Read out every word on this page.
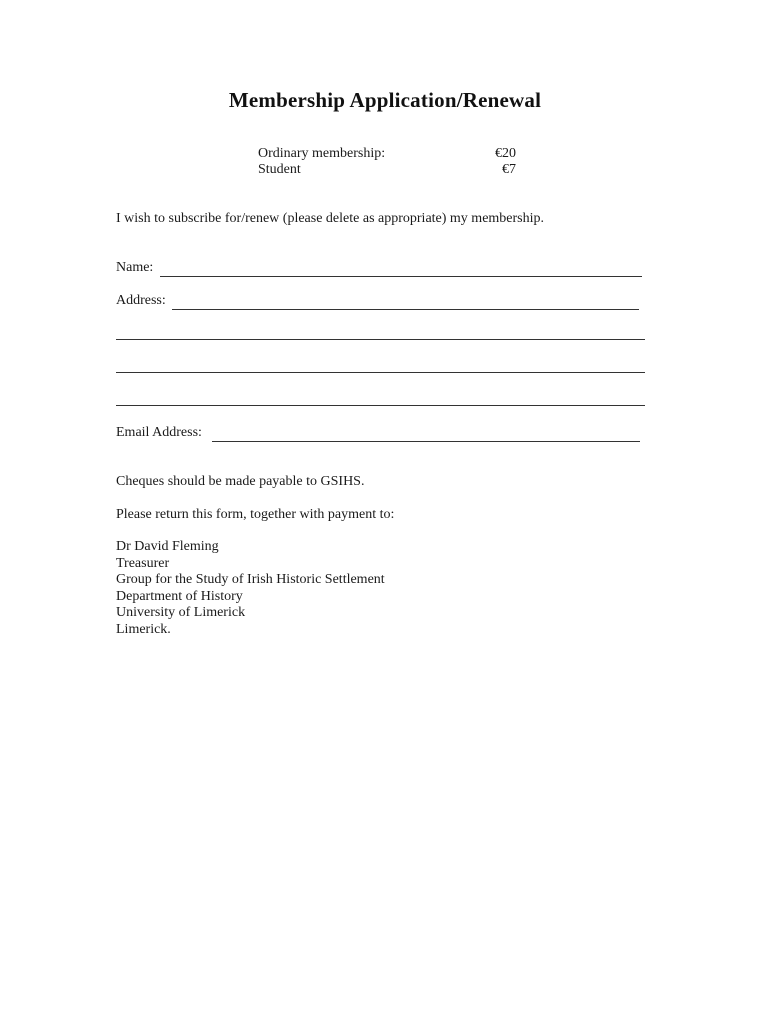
Membership Application/Renewal
Ordinary membership:	€20
Student	€7
I wish to subscribe for/renew (please delete as appropriate) my membership.
Name:
Address:
Email Address:
Cheques should be made payable to GSIHS.
Please return this form, together with payment to:
Dr David Fleming
Treasurer
Group for the Study of Irish Historic Settlement
Department of History
University of Limerick
Limerick.
